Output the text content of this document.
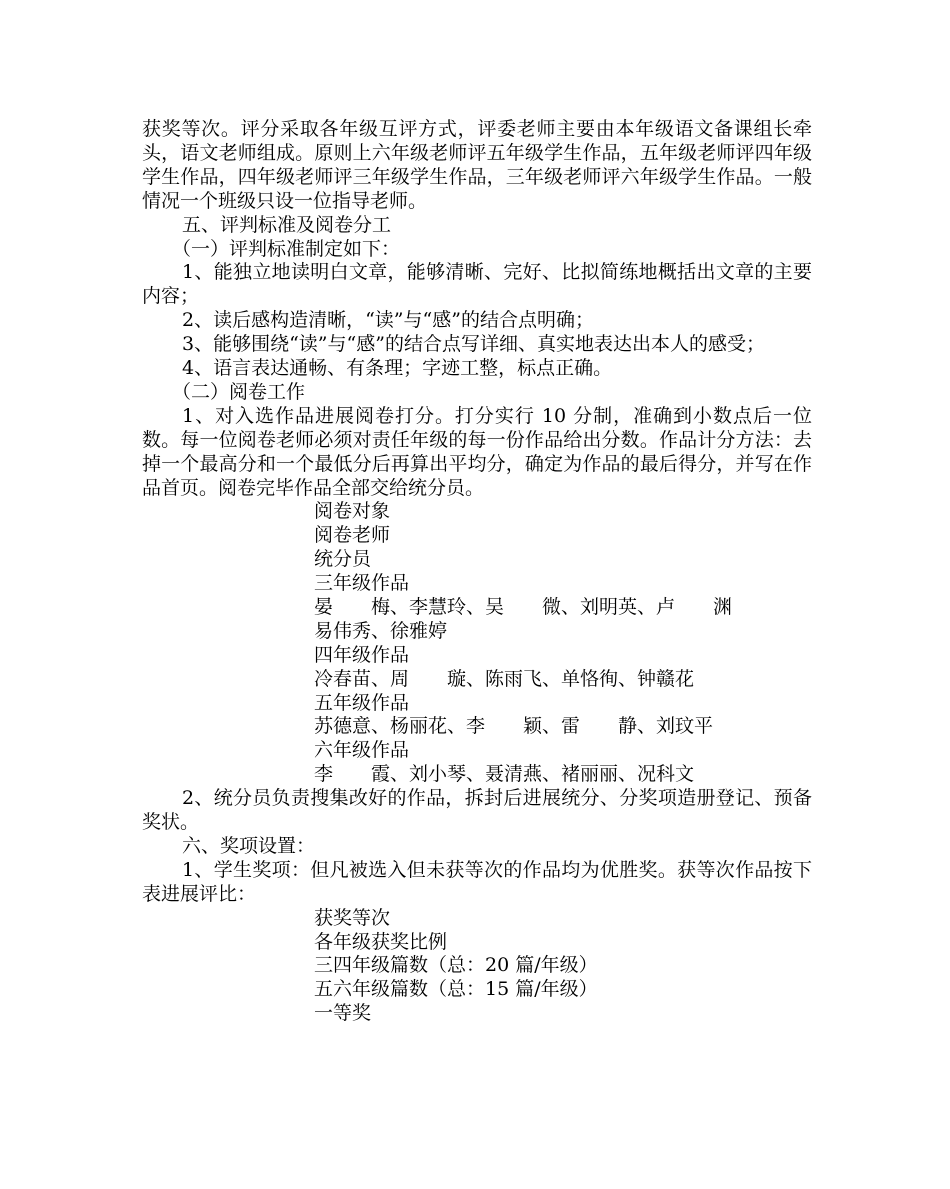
获奖等次。评分采取各年级互评方式，评委老师主要由本年级语文备课组长牵头，语文老师组成。原则上六年级老师评五年级学生作品，五年级老师评四年级学生作品，四年级老师评三年级学生作品，三年级老师评六年级学生作品。一般情况一个班级只设一位指导老师。
五、评判标准及阅卷分工
（一）评判标准制定如下：
1、能独立地读明白文章，能够清晰、完好、比拟简练地概括出文章的主要内容；
2、读后感构造清晰，“读”与“感”的结合点明确；
3、能够围绕“读”与“感”的结合点写详细、真实地表达出本人的感受；
4、语言表达通畅、有条理；字迹工整，标点正确。
（二）阅卷工作
1、对入选作品进展阅卷打分。打分实行 10 分制，准确到小数点后一位数。每一位阅卷老师必须对责任年级的每一份作品给出分数。作品计分方法：去掉一个最高分和一个最低分后再算出平均分，确定为作品的最后得分，并写在作品首页。阅卷完毕作品全部交给统分员。
阅卷对象
阅卷老师
统分员
三年级作品
晏　　梅、李慧玲、吴　　微、刘明英、卢　　渊
易伟秀、徐雅婷
四年级作品
冷春苗、周　　璇、陈雨飞、单恪徇、钟赣花
五年级作品
苏德意、杨丽花、李　　颖、雷　　静、刘玟平
六年级作品
李　　霞、刘小琴、聂清燕、褚丽丽、况科文
2、统分员负责搜集改好的作品，拆封后进展统分、分奖项造册登记、预备奖状。
六、奖项设置：
1、学生奖项：但凡被选入但未获等次的作品均为优胜奖。获等次作品按下表进展评比：
获奖等次
各年级获奖比例
三四年级篇数（总：20 篇/年级）
五六年级篇数（总：15 篇/年级）
一等奖
